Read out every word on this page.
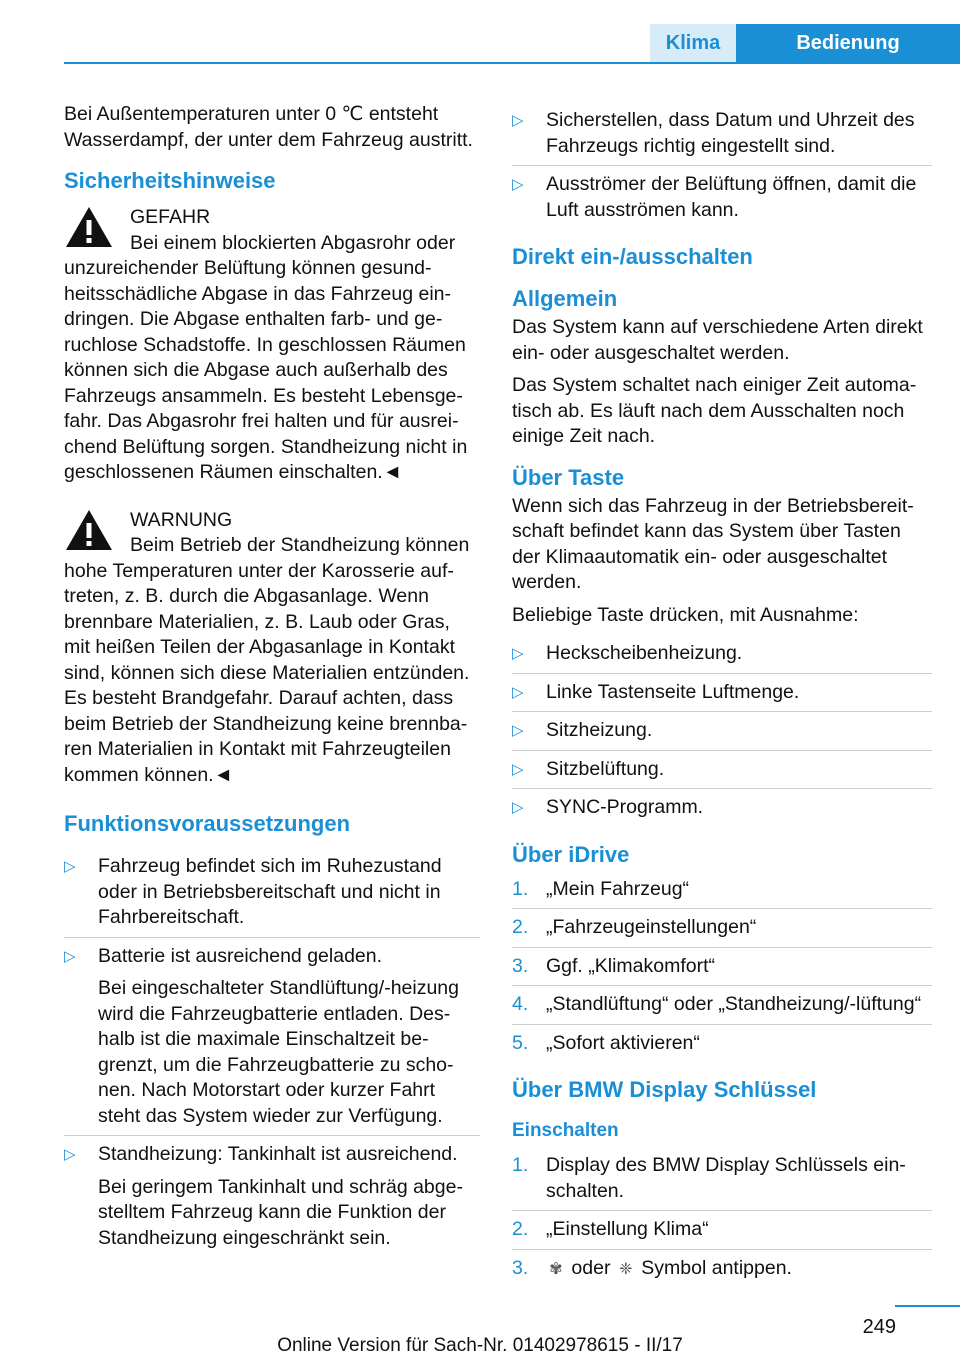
Klima	Bedienung

Bei Außentemperaturen unter 0 ℃ entsteht Wasserdampf, der unter dem Fahrzeug austritt.

Sicherheitshinweise
GEFAHR
Bei einem blockierten Abgasrohr oder unzureichender Belüftung können gesundheitsschädliche Abgase in das Fahrzeug eindringen. Die Abgase enthalten farb- und geruchlose Schadstoffe. In geschlossen Räumen können sich die Abgase auch außerhalb des Fahrzeugs ansammeln. Es besteht Lebensgefahr. Das Abgasrohr frei halten und für ausreichend Belüftung sorgen. Standheizung nicht in geschlossenen Räumen einschalten.◄
WARNUNG
Beim Betrieb der Standheizung können hohe Temperaturen unter der Karosserie auftreten, z. B. durch die Abgasanlage. Wenn brennbare Materialien, z. B. Laub oder Gras, mit heißen Teilen der Abgasanlage in Kontakt sind, können sich diese Materialien entzünden. Es besteht Brandgefahr. Darauf achten, dass beim Betrieb der Standheizung keine brennbaren Materialien in Kontakt mit Fahrzeugteilen kommen können.◄
Funktionsvoraussetzungen
▷ Fahrzeug befindet sich im Ruhezustand oder in Betriebsbereitschaft und nicht in Fahrbereitschaft.
▷ Batterie ist ausreichend geladen.
Bei eingeschalteter Standlüftung/-heizung wird die Fahrzeugbatterie entladen. Deshalb ist die maximale Einschaltzeit begrenzt, um die Fahrzeugbatterie zu schonen. Nach Motorstart oder kurzer Fahrt steht das System wieder zur Verfügung.
▷ Standheizung: Tankinhalt ist ausreichend.
Bei geringem Tankinhalt und schräg abgestelltem Fahrzeug kann die Funktion der Standheizung eingeschränkt sein.
▷ Sicherstellen, dass Datum und Uhrzeit des Fahrzeugs richtig eingestellt sind.
▷ Ausströmer der Belüftung öffnen, damit die Luft ausströmen kann.
Direkt ein-/ausschalten
Allgemein

Das System kann auf verschiedene Arten direkt ein- oder ausgeschaltet werden.

Das System schaltet nach einiger Zeit automatisch ab. Es läuft nach dem Ausschalten noch einige Zeit nach.

Über Taste

Wenn sich das Fahrzeug in der Betriebsbereitschaft befindet kann das System über Tasten der Klimaautomatik ein- oder ausgeschaltet werden.

Beliebige Taste drücken, mit Ausnahme:

▷ Heckscheibenheizung.
▷ Linke Tastenseite Luftmenge.
▷ Sitzheizung.
▷ Sitzbelüftung.
▷ SYNC-Programm.
Über iDrive
1. „Mein Fahrzeug“
2. „Fahrzeugeinstellungen“
3. Ggf. „Klimakomfort“
4. „Standlüftung“ oder „Standheizung/-lüftung“
5. „Sofort aktivieren“
Über BMW Display Schlüssel
Einschalten
1. Display des BMW Display Schlüssels einschalten.
2. „Einstellung Klima“
3. ✾ oder ❈ Symbol antippen.
249
Online Version für Sach-Nr. 01402978615 - II/17
